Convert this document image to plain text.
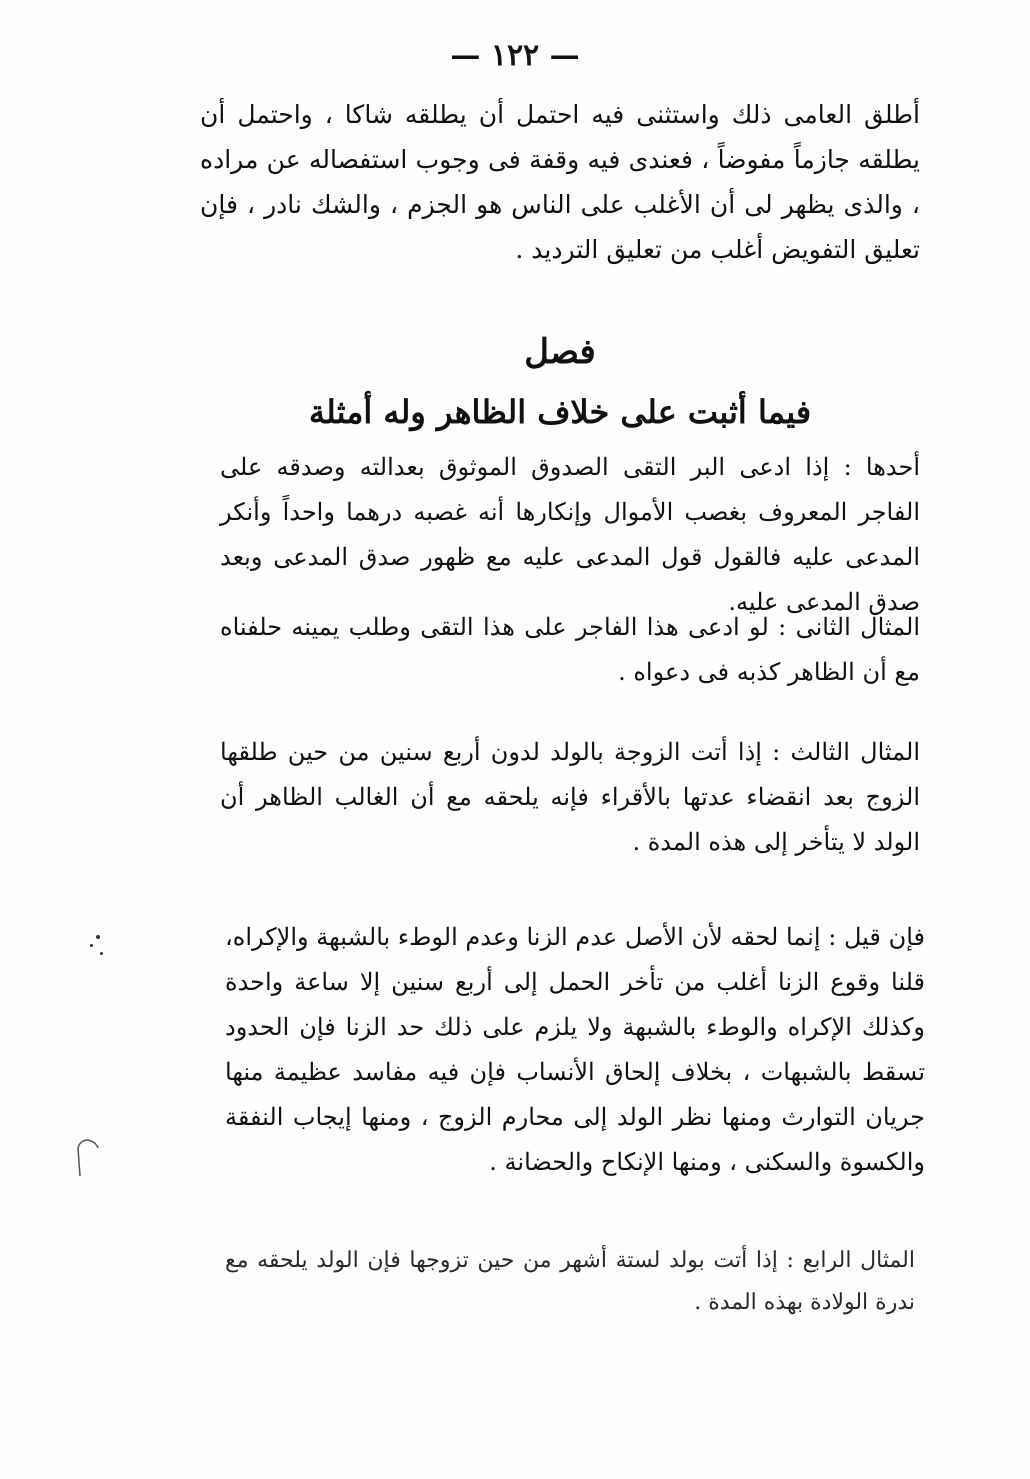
— ١٢٢ —
أطلق العامى ذلك واستثنى فيه احتمل أن يطلقه شاكا ، واحتمل أن يطلقه جازماً مفوضاً ، فعندى فيه وقفة فى وجوب استفصاله عن مراده ، والذى يظهر لى أن الأغلب على الناس هو الجزم ، والشك نادر ، فإن تعليق التفويض أغلب من تعليق الترديد .
فصل
فيما أثبت على خلاف الظاهر وله أمثلة
أحدها : إذا ادعى البر التقى الصدوق الموثوق بعدالته وصدقه على الفاجر المعروف بغصب الأموال وإنكارها أنه غصبه درهما واحداً وأنكر المدعى عليه فالقول قول المدعى عليه مع ظهور صدق المدعى وبعد صدق المدعى عليه.
المثال الثانى : لو ادعى هذا الفاجر على هذا التقى وطلب يمينه حلفناه مع أن الظاهر كذبه فى دعواه .
المثال الثالث : إذا أتت الزوجة بالولد لدون أربع سنين من حين طلقها الزوج بعد انقضاء عدتها بالأقراء فإنه يلحقه مع أن الغالب الظاهر أن الولد لا يتأخر إلى هذه المدة .
فإن قيل : إنما لحقه لأن الأصل عدم الزنا وعدم الوطء بالشبهة والإكراه، قلنا وقوع الزنا أغلب من تأخر الحمل إلى أربع سنين إلا ساعة واحدة وكذلك الإكراه والوطء بالشبهة ولا يلزم على ذلك حد الزنا فإن الحدود تسقط بالشبهات ، بخلاف إلحاق الأنساب فإن فيه مفاسد عظيمة منها جريان التوارث ومنها نظر الولد إلى محارم الزوج ، ومنها إيجاب النفقة والكسوة والسكنى ، ومنها الإنكاح والحضانة .
المثال الرابع : إذا أتت بولد لستة أشهر من حين تزوجها فإن الولد يلحقه مع ندرة الولادة بهذه المدة .
